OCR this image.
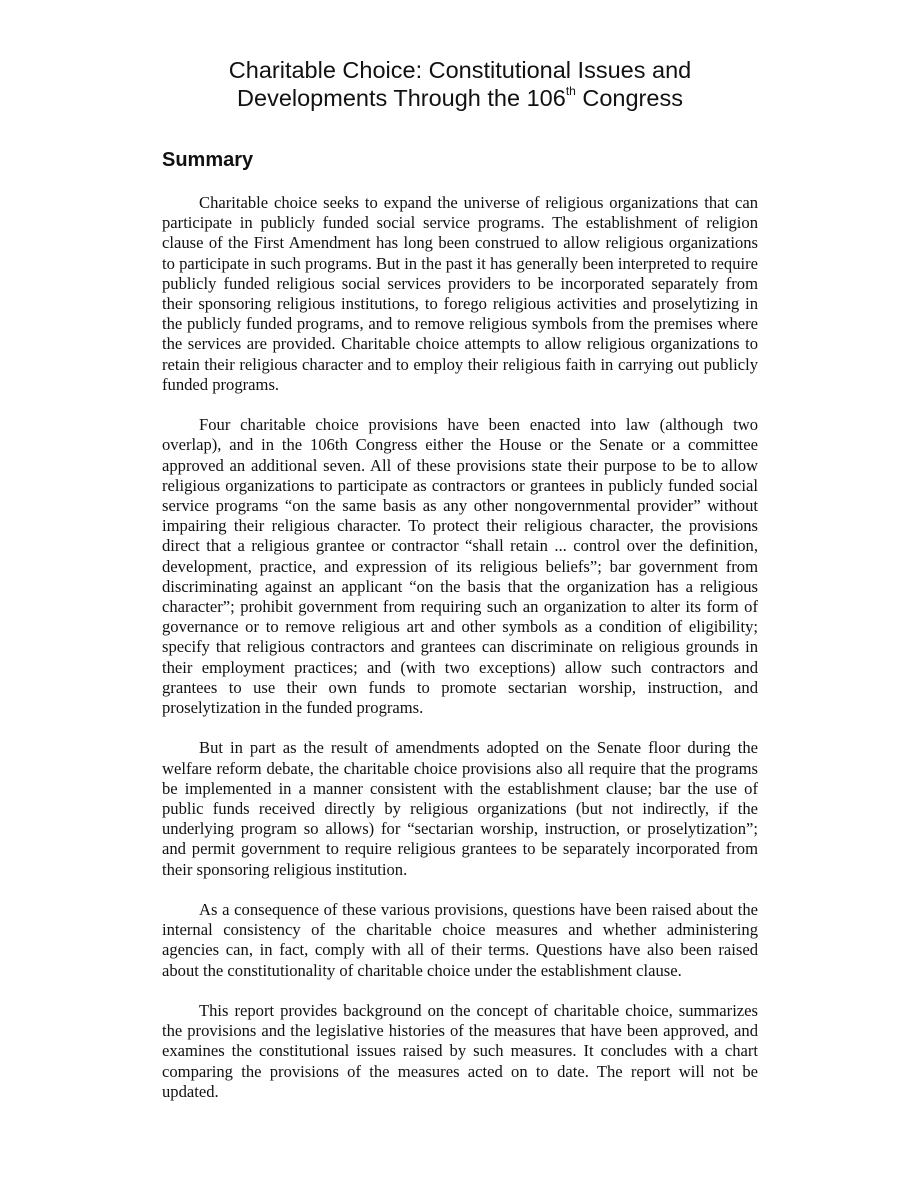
Charitable Choice: Constitutional Issues and
Developments Through the 106th Congress
Summary

Charitable choice seeks to expand the universe of religious organizations that can participate in publicly funded social service programs. The establishment of religion clause of the First Amendment has long been construed to allow religious organizations to participate in such programs. But in the past it has generally been interpreted to require publicly funded religious social services providers to be incorporated separately from their sponsoring religious institutions, to forego religious activities and proselytizing in the publicly funded programs, and to remove religious symbols from the premises where the services are provided. Charitable choice attempts to allow religious organizations to retain their religious character and to employ their religious faith in carrying out publicly funded programs.

Four charitable choice provisions have been enacted into law (although two overlap), and in the 106th Congress either the House or the Senate or a committee approved an additional seven. All of these provisions state their purpose to be to allow religious organizations to participate as contractors or grantees in publicly funded social service programs “on the same basis as any other nongovernmental provider” without impairing their religious character. To protect their religious character, the provisions direct that a religious grantee or contractor “shall retain ... control over the definition, development, practice, and expression of its religious beliefs”; bar government from discriminating against an applicant “on the basis that the organization has a religious character”; prohibit government from requiring such an organization to alter its form of governance or to remove religious art and other symbols as a condition of eligibility; specify that religious contractors and grantees can discriminate on religious grounds in their employment practices; and (with two exceptions) allow such contractors and grantees to use their own funds to promote sectarian worship, instruction, and proselytization in the funded programs.

But in part as the result of amendments adopted on the Senate floor during the welfare reform debate, the charitable choice provisions also all require that the programs be implemented in a manner consistent with the establishment clause; bar the use of public funds received directly by religious organizations (but not indirectly, if the underlying program so allows) for “sectarian worship, instruction, or proselytization”; and permit government to require religious grantees to be separately incorporated from their sponsoring religious institution.

As a consequence of these various provisions, questions have been raised about the internal consistency of the charitable choice measures and whether administering agencies can, in fact, comply with all of their terms. Questions have also been raised about the constitutionality of charitable choice under the establishment clause.

This report provides background on the concept of charitable choice, summarizes the provisions and the legislative histories of the measures that have been approved, and examines the constitutional issues raised by such measures. It concludes with a chart comparing the provisions of the measures acted on to date. The report will not be updated.
